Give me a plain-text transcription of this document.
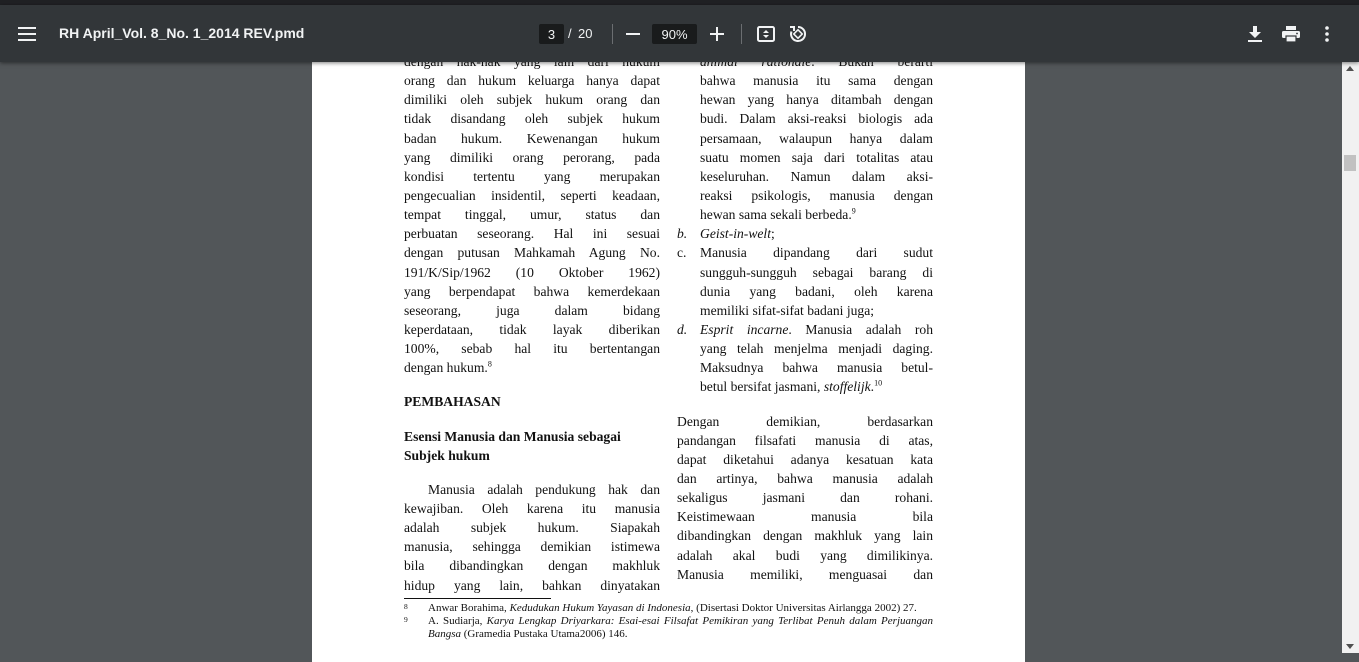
RH April_Vol. 8_No. 1_2014 REV.pmd
3	/ 20
90%
orang dan hukum keluarga hanya dapat
dimiliki oleh subjek hukum orang dan
tidak disandang oleh subjek hukum
badan hukum. Kewenangan hukum
yang dimiliki orang perorang, pada
kondisi tertentu yang merupakan
pengecualian insidentil, seperti keadaan,
tempat tinggal, umur, status dan
perbuatan seseorang. Hal ini sesuai
dengan putusan Mahkamah Agung No.
191/K/Sip/1962 (10 Oktober 1962)
yang berpendapat bahwa kemerdekaan
seseorang, juga dalam bidang
keperdataan, tidak layak diberikan
100%, sebab hal itu bertentangan
dengan hukum.$^8$
PEMBAHASAN
Esensi Manusia dan Manusia sebagai
Subjek hukum
Manusia adalah pendukung hak dan
kewajiban. Oleh karena itu manusia
adalah subjek hukum. Siapakah
manusia, sehingga demikian istimewa
bila dibandingkan dengan makhluk
hidup yang lain, bahkan dinyatakan
bahwa manusia itu sama dengan
hewan yang hanya ditambah dengan
budi. Dalam aksi-reaksi biologis ada
persamaan, walaupun hanya dalam
suatu momen saja dari totalitas atau
keseluruhan. Namun dalam aksi-
reaksi psikologis, manusia dengan
hewan sama sekali berbeda.$^9$
b. Geist-in-welt;
c. Manusia dipandang dari sudut
sungguh-sungguh sebagai barang di
dunia yang badani, oleh karena
memiliki sifat-sifat badani juga;
d. Esprit incarne. Manusia adalah roh
yang telah menjelma menjadi daging.
Maksudnya bahwa manusia betul-
betul bersifat jasmani, stoffelijk.$^{10}$
Dengan demikian, berdasarkan
pandangan filsafati manusia di atas,
dapat diketahui adanya kesatuan kata
dan artinya, bahwa manusia adalah
sekaligus jasmani dan rohani.
Keistimewaan manusia bila
dibandingkan dengan makhluk yang lain
adalah akal budi yang dimilikinya.
Manusia memiliki, menguasai dan
8 Anwar Borahima, Kedudukan Hukum Yayasan di Indonesia, (Disertasi Doktor Universitas Airlangga 2002) 27.
9 A. Sudiarja, Karya Lengkap Driyarkara: Esai-esai Filsafat Pemikiran yang Terlibat Penuh dalam Perjuangan Bangsa (Gramedia Pustaka Utama2006) 146.
